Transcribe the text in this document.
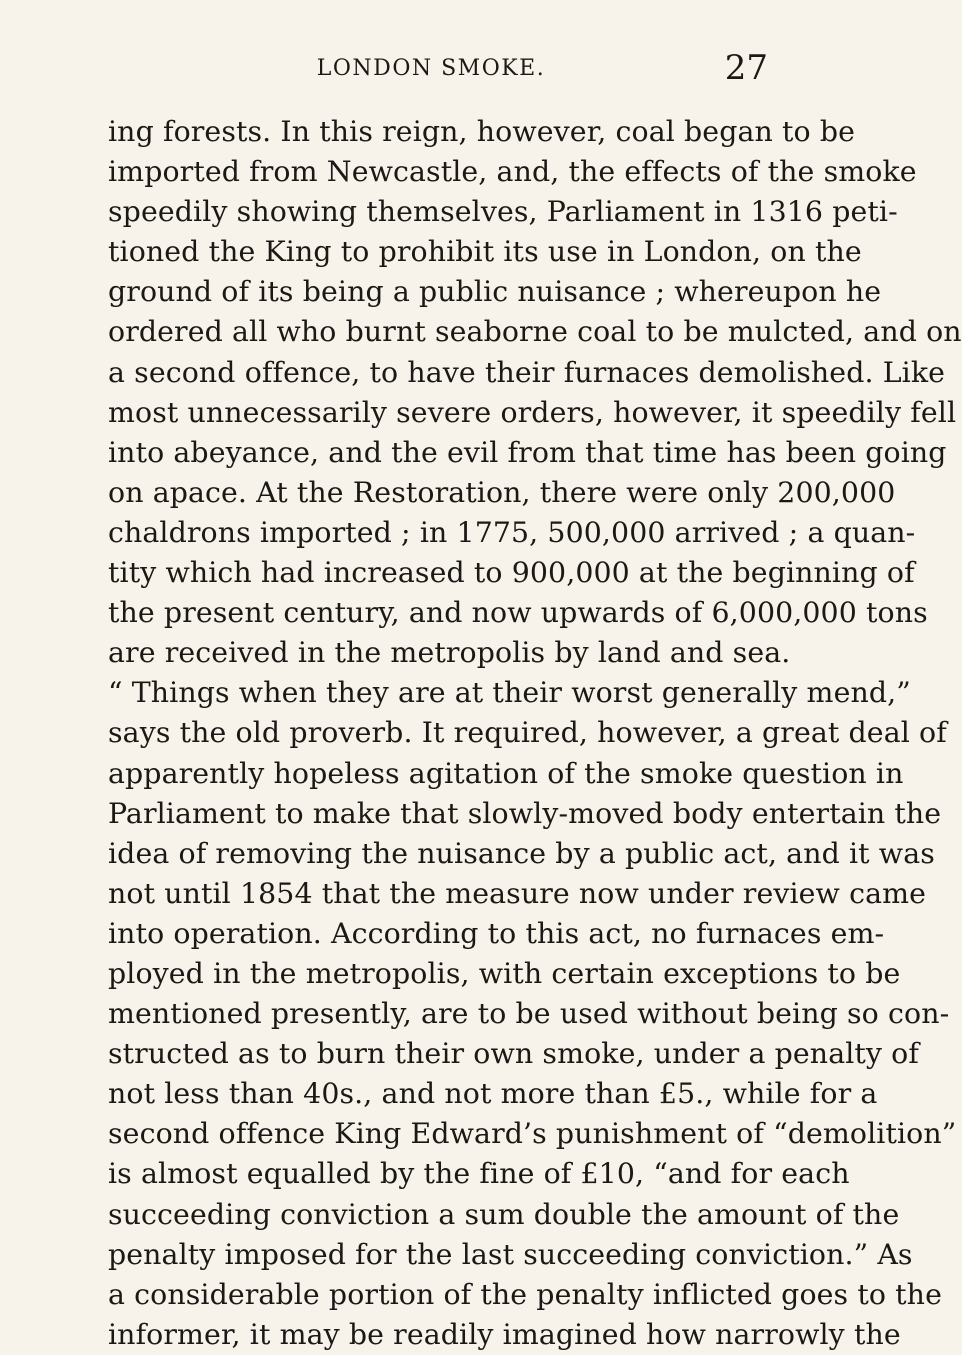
LONDON SMOKE.	27
ing forests. In this reign, however, coal began to be
imported from Newcastle, and, the effects of the smoke
speedily showing themselves, Parliament in 1316 peti-
tioned the King to prohibit its use in London, on the
ground of its being a public nuisance ; whereupon he
ordered all who burnt seaborne coal to be mulcted, and on
a second offence, to have their furnaces demolished. Like
most unnecessarily severe orders, however, it speedily fell
into abeyance, and the evil from that time has been going
on apace. At the Restoration, there were only 200,000
chaldrons imported ; in 1775, 500,000 arrived ; a quan-
tity which had increased to 900,000 at the beginning of
the present century, and now upwards of 6,000,000 tons
are received in the metropolis by land and sea.
“ Things when they are at their worst generally mend,”
says the old proverb. It required, however, a great deal of
apparently hopeless agitation of the smoke question in
Parliament to make that slowly-moved body entertain the
idea of removing the nuisance by a public act, and it was
not until 1854 that the measure now under review came
into operation. According to this act, no furnaces em-
ployed in the metropolis, with certain exceptions to be
mentioned presently, are to be used without being so con-
structed as to burn their own smoke, under a penalty of
not less than 40s., and not more than £5., while for a
second offence King Edward’s punishment of “demolition”
is almost equalled by the fine of £10, “and for each
succeeding conviction a sum double the amount of the
penalty imposed for the last succeeding conviction.” As
a considerable portion of the penalty inflicted goes to the
informer, it may be readily imagined how narrowly the
